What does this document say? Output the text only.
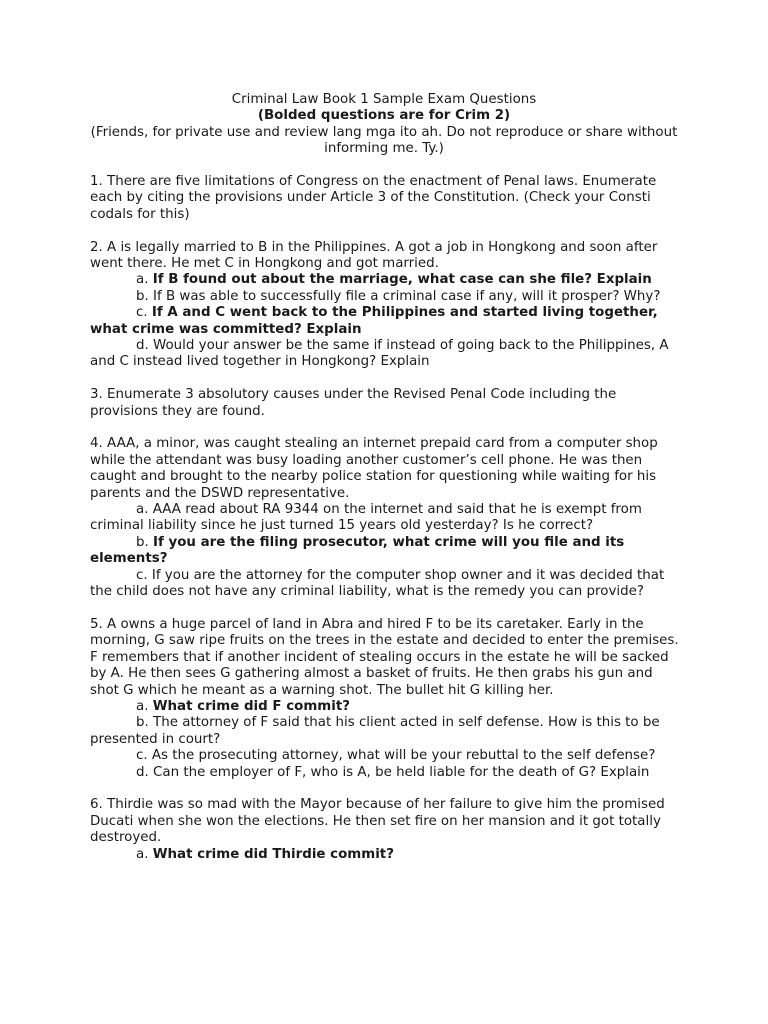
Criminal Law Book 1 Sample Exam Questions
(Bolded questions are for Crim 2)
(Friends, for private use and review lang mga ito ah. Do not reproduce or share without informing me. Ty.)

1. There are five limitations of Congress on the enactment of Penal laws. Enumerate each by citing the provisions under Article 3 of the Constitution. (Check your Consti codals for this)

2. A is legally married to B in the Philippines. A got a job in Hongkong and soon after went there. He met C in Hongkong and got married.

a. If B found out about the marriage, what case can she file? Explain

b. If B was able to successfully file a criminal case if any, will it prosper? Why?

c. If A and C went back to the Philippines and started living together, what crime was committed? Explain

d. Would your answer be the same if instead of going back to the Philippines, A and C instead lived together in Hongkong? Explain

3. Enumerate 3 absolutory causes under the Revised Penal Code including the provisions they are found.

4. AAA, a minor, was caught stealing an internet prepaid card from a computer shop while the attendant was busy loading another customer’s cell phone. He was then caught and brought to the nearby police station for questioning while waiting for his parents and the DSWD representative.

a. AAA read about RA 9344 on the internet and said that he is exempt from criminal liability since he just turned 15 years old yesterday? Is he correct?

b. If you are the filing prosecutor, what crime will you file and its elements?

c. If you are the attorney for the computer shop owner and it was decided that the child does not have any criminal liability, what is the remedy you can provide?

5. A owns a huge parcel of land in Abra and hired F to be its caretaker. Early in the morning, G saw ripe fruits on the trees in the estate and decided to enter the premises. F remembers that if another incident of stealing occurs in the estate he will be sacked by A. He then sees G gathering almost a basket of fruits. He then grabs his gun and shot G which he meant as a warning shot. The bullet hit G killing her.

a. What crime did F commit?

b. The attorney of F said that his client acted in self defense. How is this to be presented in court?

c. As the prosecuting attorney, what will be your rebuttal to the self defense?

d. Can the employer of F, who is A, be held liable for the death of G? Explain

6. Thirdie was so mad with the Mayor because of her failure to give him the promised Ducati when she won the elections. He then set fire on her mansion and it got totally destroyed.

a. What crime did Thirdie commit?
